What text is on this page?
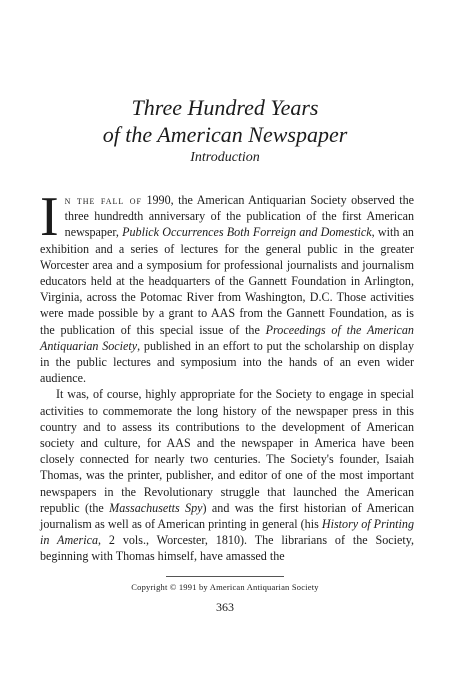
Three Hundred Years
of the American Newspaper
Introduction

In the fall of 1990, the American Antiquarian Society observed the three hundredth anniversary of the publication of the first American newspaper, Publick Occurrences Both Forreign and Domestick, with an exhibition and a series of lectures for the general public in the greater Worcester area and a symposium for professional journalists and journalism educators held at the headquarters of the Gannett Foundation in Arlington, Virginia, across the Potomac River from Washington, D.C. Those activities were made possible by a grant to AAS from the Gannett Foundation, as is the publication of this special issue of the Proceedings of the American Antiquarian Society, published in an effort to put the scholarship on display in the public lectures and symposium into the hands of an even wider audience.

It was, of course, highly appropriate for the Society to engage in special activities to commemorate the long history of the newspaper press in this country and to assess its contributions to the development of American society and culture, for AAS and the newspaper in America have been closely connected for nearly two centuries. The Society's founder, Isaiah Thomas, was the printer, publisher, and editor of one of the most important newspapers in the Revolutionary struggle that launched the American republic (the Massachusetts Spy) and was the first historian of American journalism as well as of American printing in general (his History of Printing in America, 2 vols., Worcester, 1810). The librarians of the Society, beginning with Thomas himself, have amassed the

Copyright © 1991 by American Antiquarian Society
363
